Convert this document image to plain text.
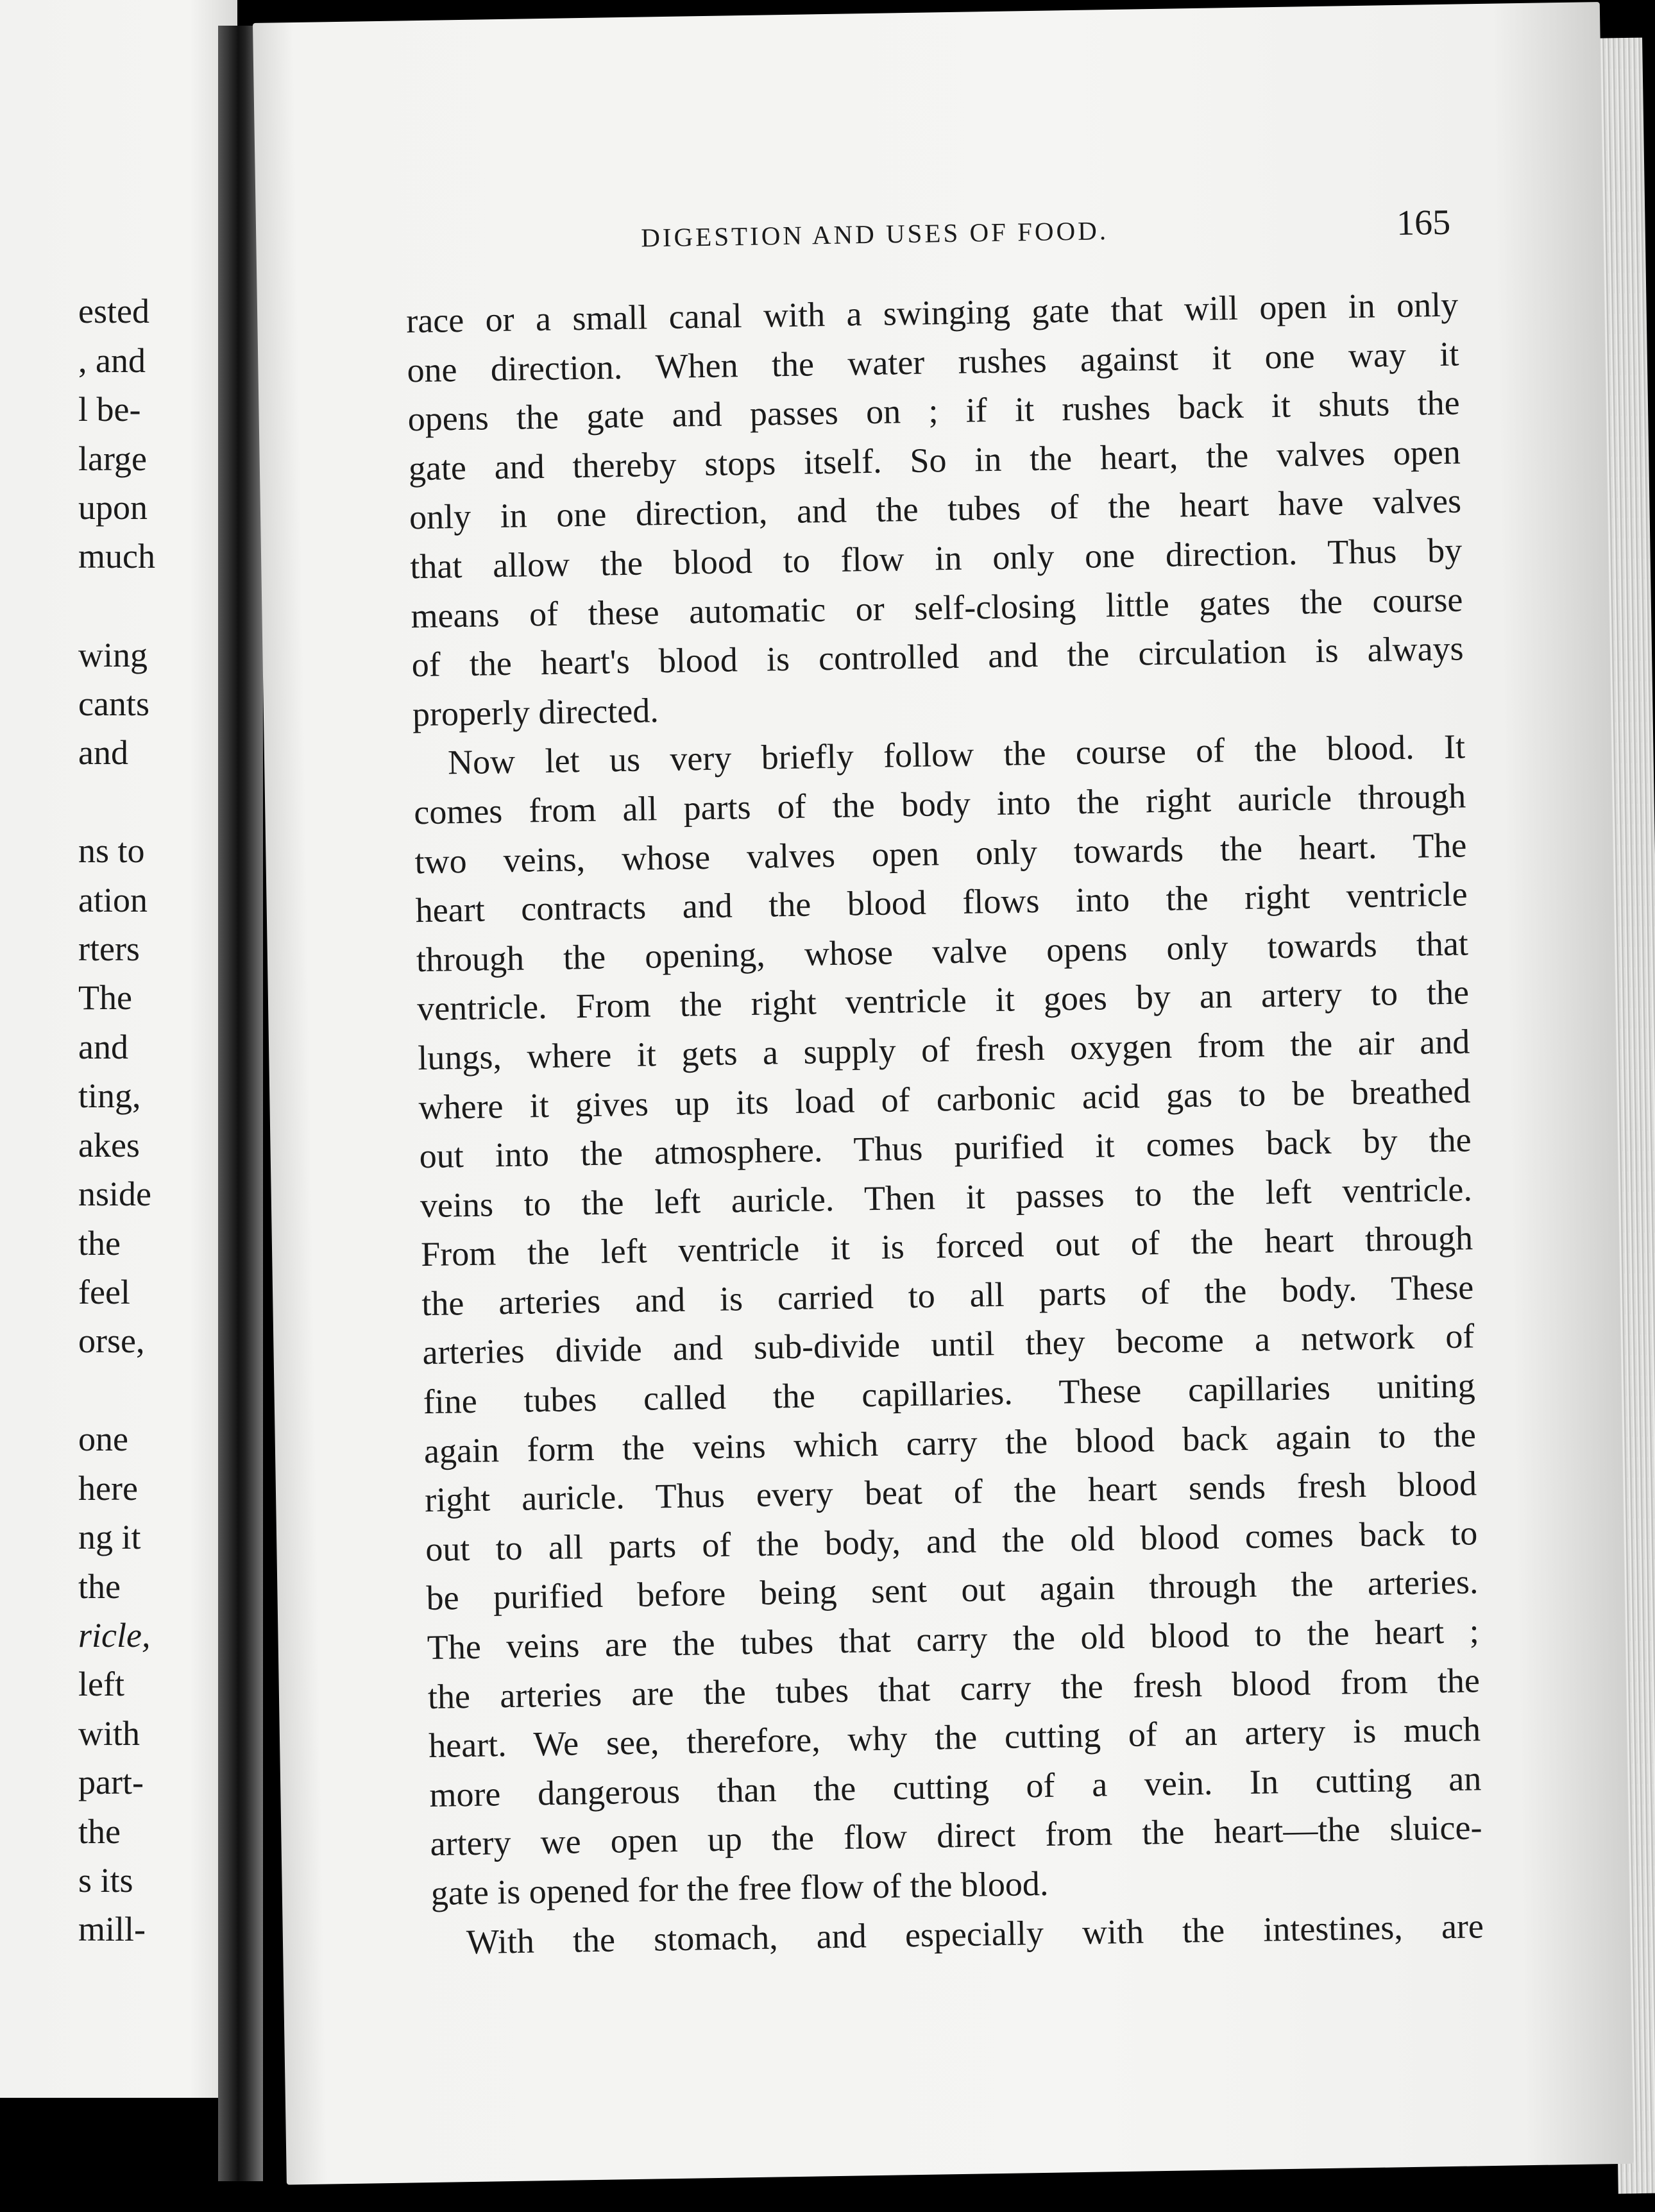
ested
, and
l be-
large
upon
much
wing
cants
and
ns to
ation
rters
The
and
ting,
akes
nside
the
feel
orse,
one
here
ng it
the
ricle,
left
with
part-
the
s its
mill-
DIGESTION AND USES OF FOOD.	165
race or a small canal with a swinging gate that will open in only
one direction. When the water rushes against it one way it
opens the gate and passes on ; if it rushes back it shuts the
gate and thereby stops itself. So in the heart, the valves open
only in one direction, and the tubes of the heart have valves
that allow the blood to flow in only one direction. Thus by
means of these automatic or self-closing little gates the course
of the heart's blood is controlled and the circulation is always
properly directed.
Now let us very briefly follow the course of the blood. It
comes from all parts of the body into the right auricle through
two veins, whose valves open only towards the heart. The
heart contracts and the blood flows into the right ventricle
through the opening, whose valve opens only towards that
ventricle. From the right ventricle it goes by an artery to the
lungs, where it gets a supply of fresh oxygen from the air and
where it gives up its load of carbonic acid gas to be breathed
out into the atmosphere. Thus purified it comes back by the
veins to the left auricle. Then it passes to the left ventricle.
From the left ventricle it is forced out of the heart through
the arteries and is carried to all parts of the body. These
arteries divide and sub-divide until they become a network of
fine tubes called the capillaries. These capillaries uniting
again form the veins which carry the blood back again to the
right auricle. Thus every beat of the heart sends fresh blood
out to all parts of the body, and the old blood comes back to
be purified before being sent out again through the arteries.
The veins are the tubes that carry the old blood to the heart ;
the arteries are the tubes that carry the fresh blood from the
heart. We see, therefore, why the cutting of an artery is much
more dangerous than the cutting of a vein. In cutting an
artery we open up the flow direct from the heart—the sluice-
gate is opened for the free flow of the blood.
With the stomach, and especially with the intestines, are
